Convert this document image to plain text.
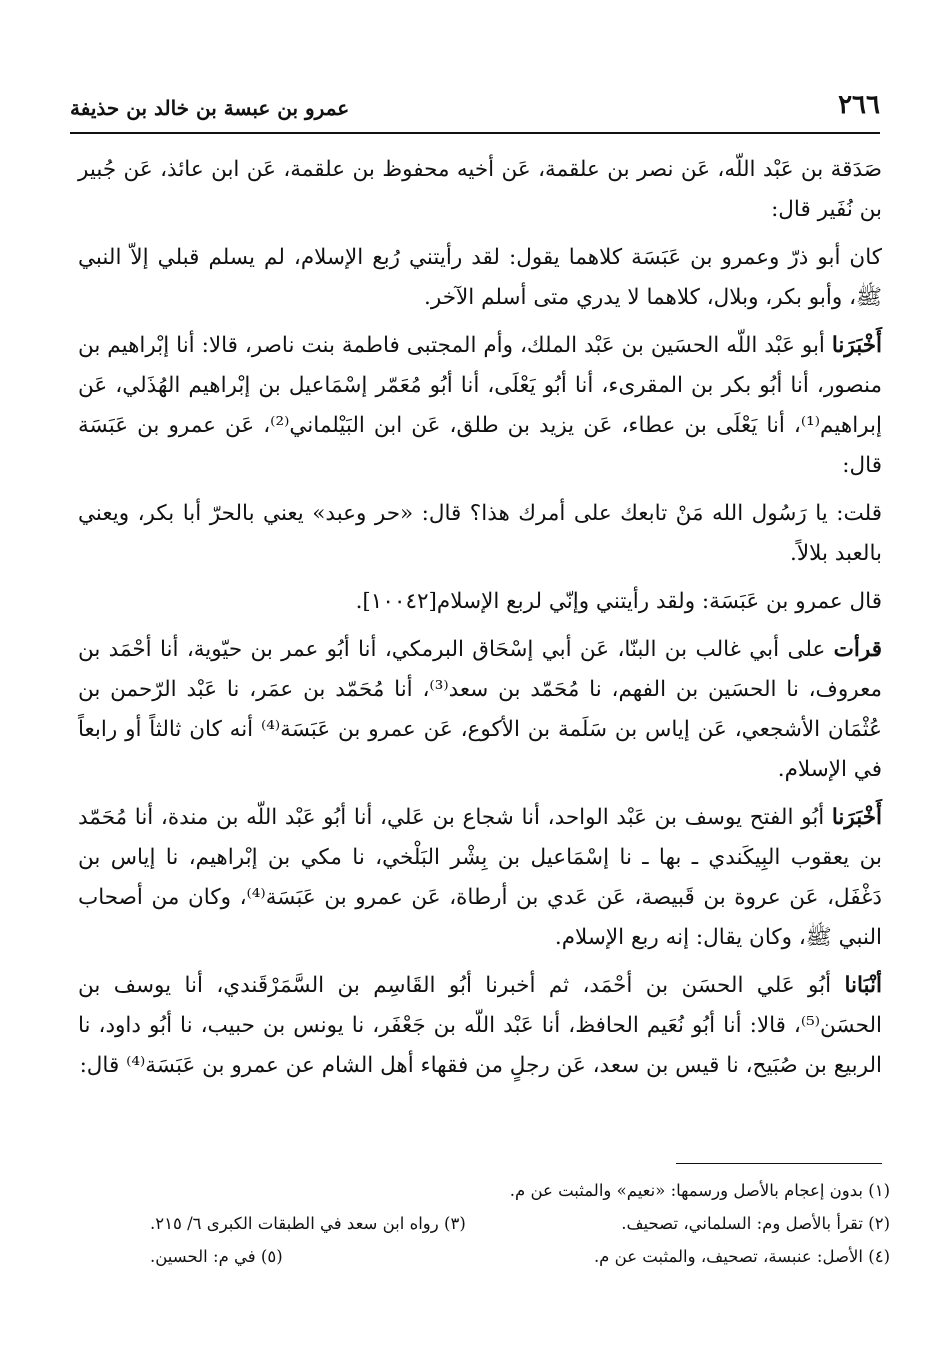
٢٦٦
عمرو بن عبسة بن خالد بن حذيفة

صَدَقة بن عَبْد اللّه، عَن نصر بن علقمة، عَن أخيه محفوظ بن علقمة، عَن ابن عائذ، عَن جُبير بن نُفَير قال:

كان أبو ذرّ وعمرو بن عَبَسَة كلاهما يقول: لقد رأيتني رُبع الإسلام، لم يسلم قبلي إلاّ النبي ﷺ، وأبو بكر، وبلال، كلاهما لا يدري متى أسلم الآخر.

أَخْبَرَنا أبو عَبْد اللّه الحسَين بن عَبْد الملك، وأم المجتبى فاطمة بنت ناصر، قالا: أنا إبْراهيم بن منصور، أنا أبُو بكر بن المقرىء، أنا أبُو يَعْلَى، أنا أبُو مُعَمّر إسْمَاعيل بن إبْراهيم الهُذَلي، عَن إبراهيم⁽¹⁾، أنا يَعْلَى بن عطاء، عَن يزيد بن طلق، عَن ابن البَيْلماني⁽²⁾، عَن عمرو بن عَبَسَة قال:

قلت: يا رَسُول الله مَنْ تابعك على أمرك هذا؟ قال: «حر وعبد» يعني بالحرّ أبا بكر، ويعني بالعبد بلالاً.

قال عمرو بن عَبَسَة: ولقد رأيتني وإنّي لربع الإسلام[١٠٠٤٢].

قرأت على أبي غالب بن البنّا، عَن أبي إسْحَاق البرمكي، أنا أبُو عمر بن حيّوية، أنا أحْمَد بن معروف، نا الحسَين بن الفهم، نا مُحَمّد بن سعد⁽³⁾، أنا مُحَمّد بن عمَر، نا عَبْد الرّحمن بن عُثْمَان الأشجعي، عَن إياس بن سَلَمة بن الأكوع، عَن عمرو بن عَبَسَة⁽⁴⁾ أنه كان ثالثاً أو رابعاً في الإسلام.

أَخْبَرَنا أبُو الفتح يوسف بن عَبْد الواحد، أنا شجاع بن عَلي، أنا أبُو عَبْد اللّه بن مندة، أنا مُحَمّد بن يعقوب البِيكَندي ـ بها ـ نا إسْمَاعيل بن بِشْر البَلْخي، نا مكي بن إبْراهيم، نا إياس بن دَغْفَل، عَن عروة بن قَبيصة، عَن عَدي بن أرطاة، عَن عمرو بن عَبَسَة⁽⁴⁾، وكان من أصحاب النبي ﷺ، وكان يقال: إنه ربع الإسلام.

أنْبَانا أبُو عَلي الحسَن بن أحْمَد، ثم أخبرنا أبُو القَاسِم بن السَّمَرْقَندي، أنا يوسف بن الحسَن⁽⁵⁾، قالا: أنا أبُو نُعَيم الحافظ، أنا عَبْد اللّه بن جَعْفَر، نا يونس بن حبيب، نا أبُو داود، نا الربيع بن صُبَيح، نا قيس بن سعد، عَن رجلٍ من فقهاء أهل الشام عن عمرو بن عَبَسَة⁽⁴⁾ قال:

(١) بدون إعجام بالأصل ورسمها: «نعيم» والمثبت عن م.
(٢) تقرأ بالأصل وم: السلماني، تصحيف.
(٣) رواه ابن سعد في الطبقات الكبرى ٦/ ٢١٥.
(٤) الأصل: عنبسة، تصحيف، والمثبت عن م.
(٥) في م: الحسين.
